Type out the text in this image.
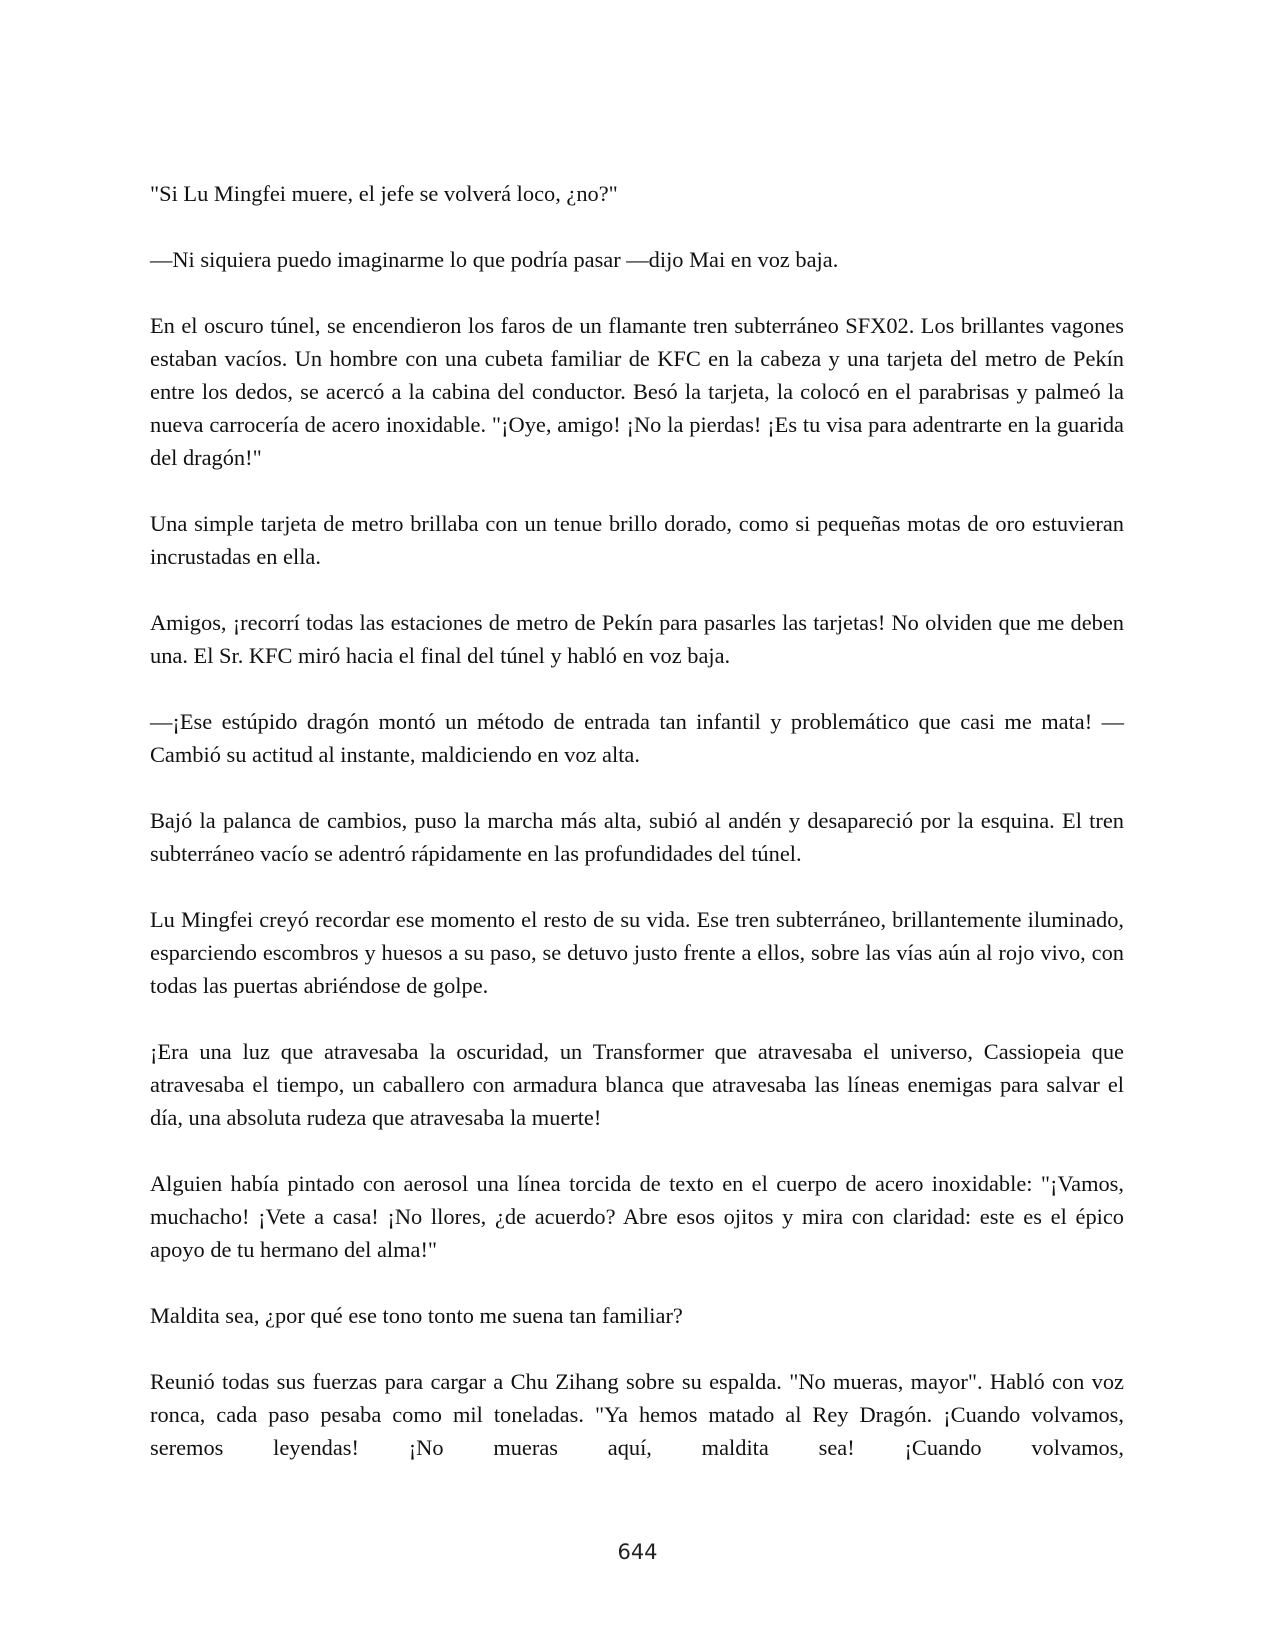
"Si Lu Mingfei muere, el jefe se volverá loco, ¿no?"

—Ni siquiera puedo imaginarme lo que podría pasar —dijo Mai en voz baja.

En el oscuro túnel, se encendieron los faros de un flamante tren subterráneo SFX02. Los brillantes vagones estaban vacíos. Un hombre con una cubeta familiar de KFC en la cabeza y una tarjeta del metro de Pekín entre los dedos, se acercó a la cabina del conductor. Besó la tarjeta, la colocó en el parabrisas y palmeó la nueva carrocería de acero inoxidable. "¡Oye, amigo! ¡No la pierdas! ¡Es tu visa para adentrarte en la guarida del dragón!"

Una simple tarjeta de metro brillaba con un tenue brillo dorado, como si pequeñas motas de oro estuvieran incrustadas en ella.

Amigos, ¡recorrí todas las estaciones de metro de Pekín para pasarles las tarjetas! No olviden que me deben una. El Sr. KFC miró hacia el final del túnel y habló en voz baja.

—¡Ese estúpido dragón montó un método de entrada tan infantil y problemático que casi me mata! —Cambió su actitud al instante, maldiciendo en voz alta.

Bajó la palanca de cambios, puso la marcha más alta, subió al andén y desapareció por la esquina. El tren subterráneo vacío se adentró rápidamente en las profundidades del túnel.

Lu Mingfei creyó recordar ese momento el resto de su vida. Ese tren subterráneo, brillantemente iluminado, esparciendo escombros y huesos a su paso, se detuvo justo frente a ellos, sobre las vías aún al rojo vivo, con todas las puertas abriéndose de golpe.

¡Era una luz que atravesaba la oscuridad, un Transformer que atravesaba el universo, Cassiopeia que atravesaba el tiempo, un caballero con armadura blanca que atravesaba las líneas enemigas para salvar el día, una absoluta rudeza que atravesaba la muerte!

Alguien había pintado con aerosol una línea torcida de texto en el cuerpo de acero inoxidable: "¡Vamos, muchacho! ¡Vete a casa! ¡No llores, ¿de acuerdo? Abre esos ojitos y mira con claridad: este es el épico apoyo de tu hermano del alma!"

Maldita sea, ¿por qué ese tono tonto me suena tan familiar?

Reunió todas sus fuerzas para cargar a Chu Zihang sobre su espalda. "No mueras, mayor". Habló con voz ronca, cada paso pesaba como mil toneladas. "Ya hemos matado al Rey Dragón. ¡Cuando volvamos, seremos leyendas! ¡No mueras aquí, maldita sea! ¡Cuando volvamos,

644
